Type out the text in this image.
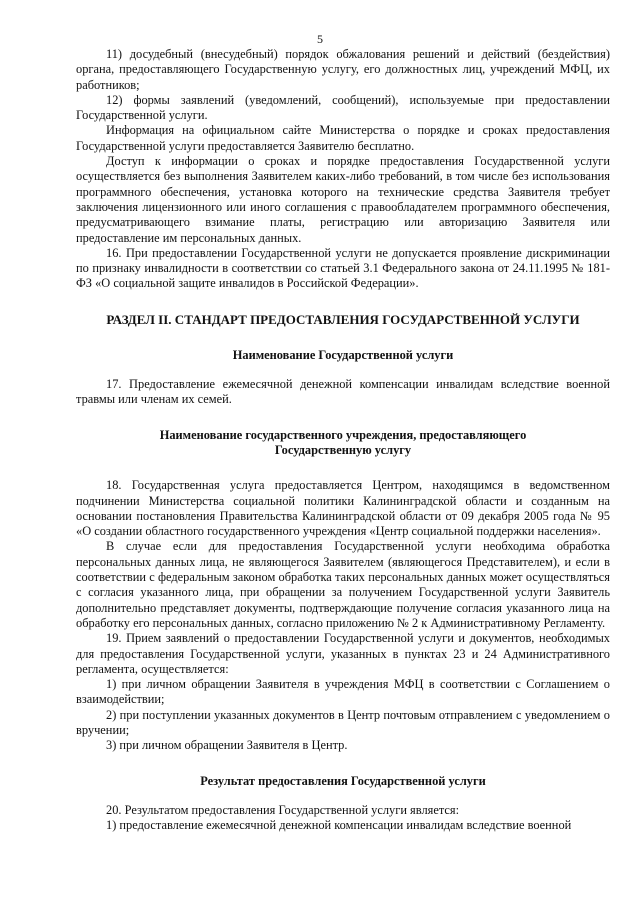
5

11) досудебный (внесудебный) порядок обжалования решений и действий (бездействия) органа, предоставляющего Государственную услугу, его должностных лиц, учреждений МФЦ, их работников;

12) формы заявлений (уведомлений, сообщений), используемые при предоставлении Государственной услуги.

Информация на официальном сайте Министерства о порядке и сроках предоставления Государственной услуги предоставляется Заявителю бесплатно.

Доступ к информации о сроках и порядке предоставления Государственной услуги осуществляется без выполнения Заявителем каких-либо требований, в том числе без использования программного обеспечения, установка которого на технические средства Заявителя требует заключения лицензионного или иного соглашения с правообладателем программного обеспечения, предусматривающего взимание платы, регистрацию или авторизацию Заявителя или предоставление им персональных данных.

16. При предоставлении Государственной услуги не допускается проявление дискриминации по признаку инвалидности в соответствии со статьей 3.1 Федерального закона от 24.11.1995 № 181-ФЗ «О социальной защите инвалидов в Российской Федерации».

РАЗДЕЛ II. СТАНДАРТ ПРЕДОСТАВЛЕНИЯ ГОСУДАРСТВЕННОЙ УСЛУГИ

Наименование Государственной услуги

17. Предоставление ежемесячной денежной компенсации инвалидам вследствие военной травмы или членам их семей.

Наименование государственного учреждения, предоставляющего

Государственную услугу

18. Государственная услуга предоставляется Центром, находящимся в ведомственном подчинении Министерства социальной политики Калининградской области и созданным на основании постановления Правительства Калининградской области от 09 декабря 2005 года № 95 «О создании областного государственного учреждения «Центр социальной поддержки населения».

В случае если для предоставления Государственной услуги необходима обработка персональных данных лица, не являющегося Заявителем (являющегося Представителем), и если в соответствии с федеральным законом обработка таких персональных данных может осуществляться с согласия указанного лица, при обращении за получением Государственной услуги Заявитель дополнительно представляет документы, подтверждающие получение согласия указанного лица на обработку его персональных данных, согласно приложению № 2 к Административному Регламенту.

19. Прием заявлений о предоставлении Государственной услуги и документов, необходимых для предоставления Государственной услуги, указанных в пунктах 23 и 24 Административного регламента, осуществляется:

1) при личном обращении Заявителя в учреждения МФЦ в соответствии с Соглашением о взаимодействии;

2) при поступлении указанных документов в Центр почтовым отправлением с уведомлением о вручении;

3) при личном обращении Заявителя в Центр.

Результат предоставления Государственной услуги

20. Результатом предоставления Государственной услуги является:

1) предоставление ежемесячной денежной компенсации инвалидам вследствие военной
